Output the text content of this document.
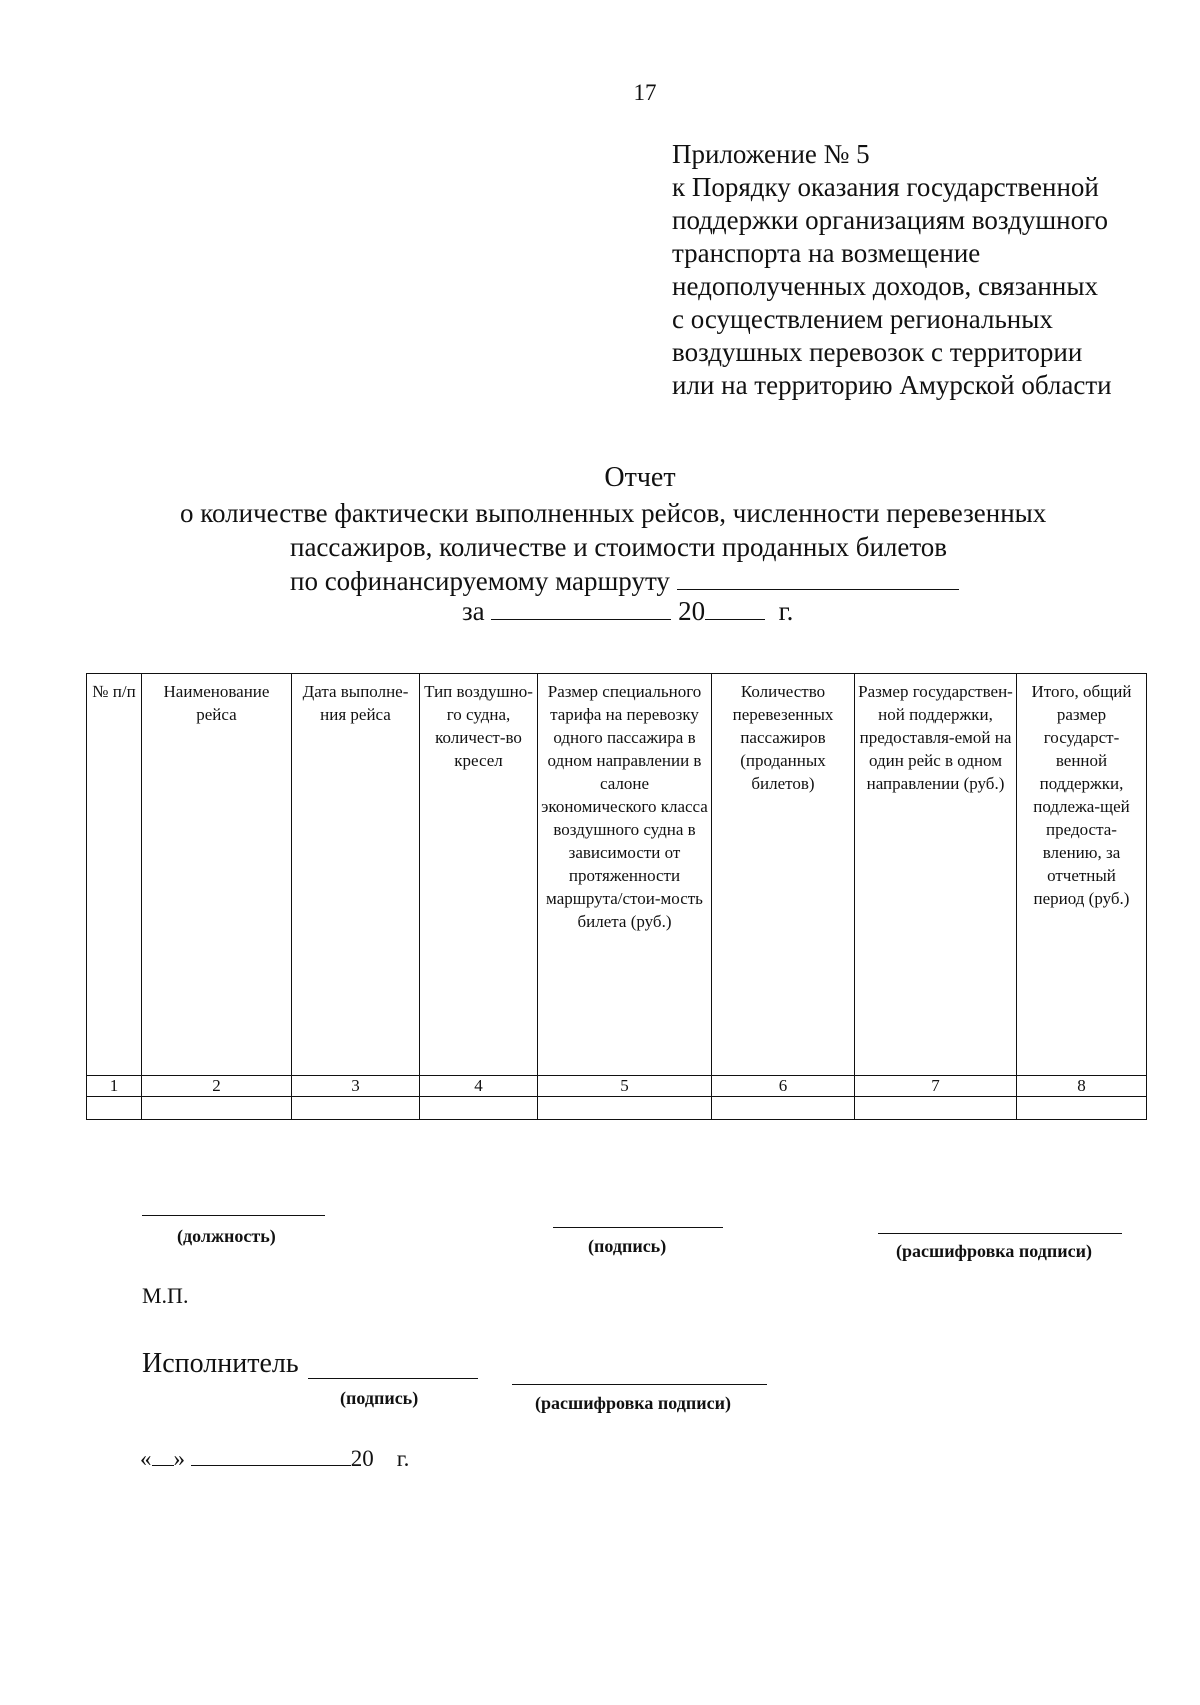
17
Приложение № 5
к Порядку оказания государственной
поддержки организациям воздушного
транспорта на возмещение
недополученных доходов, связанных
с осуществлением региональных
воздушных перевозок с территории
или на территорию Амурской области
Отчет
о количестве фактически выполненных рейсов, численности перевезенных
пассажиров, количестве и стоимости проданных билетов
по софинансируемому маршруту
за	20	г.
№ п/п	Наименование рейса	Дата выполне-ния рейса	Тип воздушно-го судна, количест-во кресел	Размер специального тарифа на перевозку одного пассажира в одном направлении в салоне экономического класса воздушного судна в зависимости от протяженности маршрута/стои-мость билета (руб.)	Количество перевезенных пассажиров (проданных билетов)	Размер государствен-ной поддержки, предоставля-емой на один рейс в одном направлении (руб.)	Итого, общий размер государст-венной поддержки, подлежа-щей предоста-влению, за отчетный период (руб.)
1	2	3	4	5	6	7	8

(должность)	(подпись)	(расшифровка подписи)
М.П.
Исполнитель
(подпись)	(расшифровка подписи)
« »	20 г.
